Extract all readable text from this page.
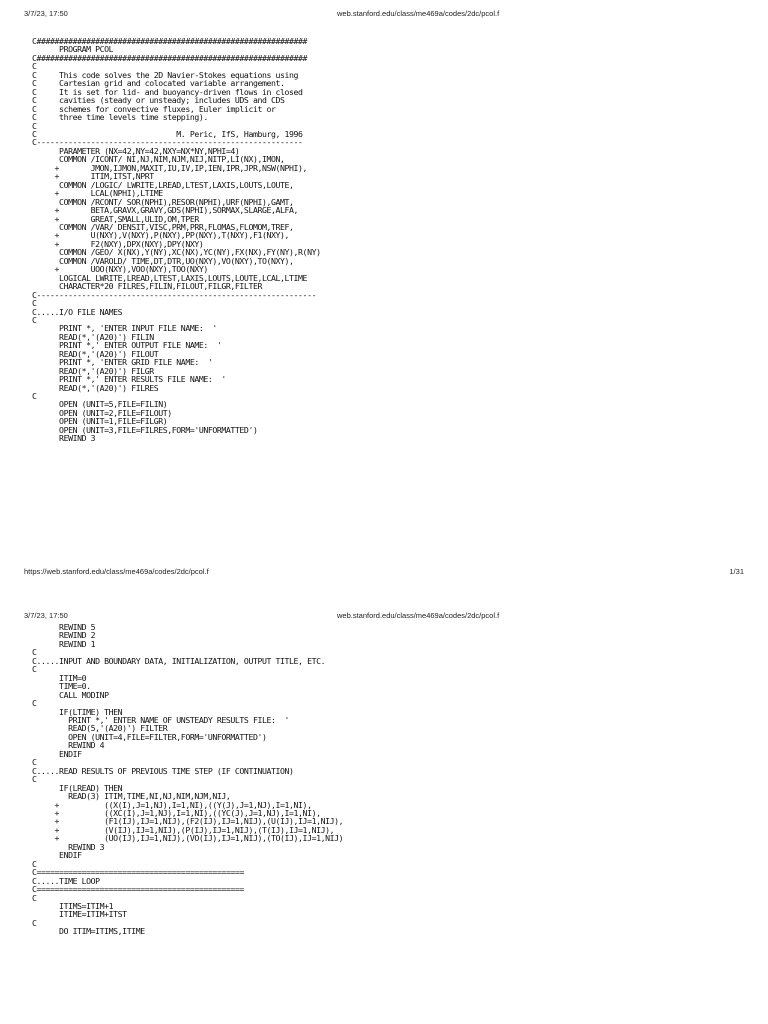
3/7/23, 17:50	web.stanford.edu/class/me469a/codes/2dc/pcol.f
C############################################################
PROGRAM PCOL
C############################################################
C
C     This code solves the 2D Navier-Stokes equations using
C     Cartesian grid and colocated variable arrangement.
C     It is set for lid- and buoyancy-driven flows in closed
C     cavities (steady or unsteady; includes UDS and CDS
C     schemes for convective fluxes, Euler implicit or
C     three time levels time stepping).
C
C                               M. Peric, IfS, Hamburg, 1996
C-----------------------------------------------------------
PARAMETER (NX=42,NY=42,NXY=NX*NY,NPHI=4)
COMMON /ICONT/ NI,NJ,NIM,NJM,NIJ,NITP,LI(NX),IMON,
+       JMON,IJMON,MAXIT,IU,IV,IP,IEN,IPR,JPR,NSW(NPHI),
+       ITIM,ITST,NPRT
COMMON /LOGIC/ LWRITE,LREAD,LTEST,LAXIS,LOUTS,LOUTE,
+       LCAL(NPHI),LTIME
COMMON /RCONT/ SOR(NPHI),RESOR(NPHI),URF(NPHI),GAMT,
+       BETA,GRAVX,GRAVY,GDS(NPHI),SORMAX,SLARGE,ALFA,
+       GREAT,SMALL,ULID,OM,TPER
COMMON /VAR/ DENSIT,VISC,PRM,PRR,FLOMAS,FLOMOM,TREF,
+       U(NXY),V(NXY),P(NXY),PP(NXY),T(NXY),F1(NXY),
+       F2(NXY),DPX(NXY),DPY(NXY)
COMMON /GEO/ X(NX),Y(NY),XC(NX),YC(NY),FX(NX),FY(NY),R(NY)
COMMON /VAROLD/ TIME,DT,DTR,UO(NXY),VO(NXY),TO(NXY),
+       UOO(NXY),VOO(NXY),TOO(NXY)
LOGICAL LWRITE,LREAD,LTEST,LAXIS,LOUTS,LOUTE,LCAL,LTIME
CHARACTER*20 FILRES,FILIN,FILOUT,FILGR,FILTER
C--------------------------------------------------------------
C
C.....I/O FILE NAMES
C
PRINT *, 'ENTER INPUT FILE NAME:  '
READ(*,'(A20)') FILIN
PRINT *,' ENTER OUTPUT FILE NAME:  '
READ(*,'(A20)') FILOUT
PRINT *, 'ENTER GRID FILE NAME:  '
READ(*,'(A20)') FILGR
PRINT *,' ENTER RESULTS FILE NAME:  '
READ(*,'(A20)') FILRES
C
OPEN (UNIT=5,FILE=FILIN)
OPEN (UNIT=2,FILE=FILOUT)
OPEN (UNIT=1,FILE=FILGR)
OPEN (UNIT=3,FILE=FILRES,FORM='UNFORMATTED')
REWIND 3
https://web.stanford.edu/class/me469a/codes/2dc/pcol.f	1/31
3/7/23, 17:50	web.stanford.edu/class/me469a/codes/2dc/pcol.f
REWIND 5
REWIND 2
REWIND 1
C
C.....INPUT AND BOUNDARY DATA, INITIALIZATION, OUTPUT TITLE, ETC.
C
ITIM=0
TIME=0.
CALL MODINP
C
IF(LTIME) THEN
PRINT *,' ENTER NAME OF UNSTEADY RESULTS FILE:  '
READ(5,'(A20)') FILTER
OPEN (UNIT=4,FILE=FILTER,FORM='UNFORMATTED')
REWIND 4
ENDIF
C
C.....READ RESULTS OF PREVIOUS TIME STEP (IF CONTINUATION)
C
IF(LREAD) THEN
READ(3) ITIM,TIME,NI,NJ,NIM,NJM,NIJ,
+          ((X(I),J=1,NJ),I=1,NI),((Y(J),J=1,NJ),I=1,NI),
+          ((XC(I),J=1,NJ),I=1,NI),((YC(J),J=1,NJ),I=1,NI),
+          (F1(IJ),IJ=1,NIJ),(F2(IJ),IJ=1,NIJ),(U(IJ),IJ=1,NIJ),
+          (V(IJ),IJ=1,NIJ),(P(IJ),IJ=1,NIJ),(T(IJ),IJ=1,NIJ),
+          (UO(IJ),IJ=1,NIJ),(VO(IJ),IJ=1,NIJ),(TO(IJ),IJ=1,NIJ)
REWIND 3
ENDIF
C
C==============================================
C.....TIME LOOP
C==============================================
C
ITIMS=ITIM+1
ITIME=ITIM+ITST
C
DO ITIM=ITIMS,ITIME
